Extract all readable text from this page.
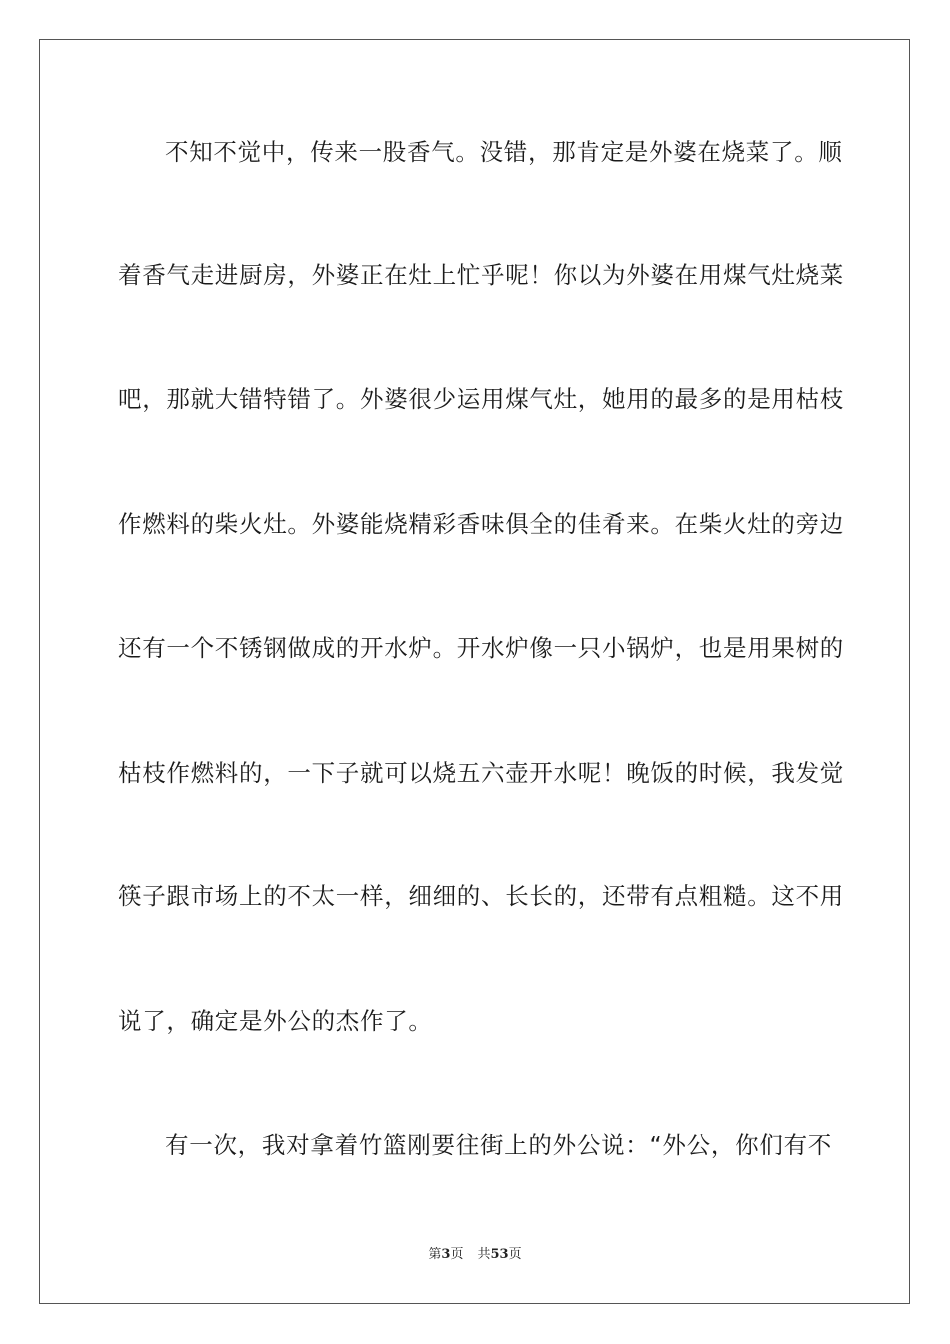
不知不觉中，传来一股香气。没错，那肯定是外婆在烧菜了。顺
着香气走进厨房，外婆正在灶上忙乎呢！你以为外婆在用煤气灶烧菜
吧，那就大错特错了。外婆很少运用煤气灶，她用的最多的是用枯枝
作燃料的柴火灶。外婆能烧精彩香味俱全的佳肴来。在柴火灶的旁边
还有一个不锈钢做成的开水炉。开水炉像一只小锅炉，也是用果树的
枯枝作燃料的，一下子就可以烧五六壶开水呢！晚饭的时候，我发觉
筷子跟市场上的不太一样，细细的、长长的，还带有点粗糙。这不用
说了，确定是外公的杰作了。
有一次，我对拿着竹篮刚要往街上的外公说：“外公，你们有不
第3页 共53页
